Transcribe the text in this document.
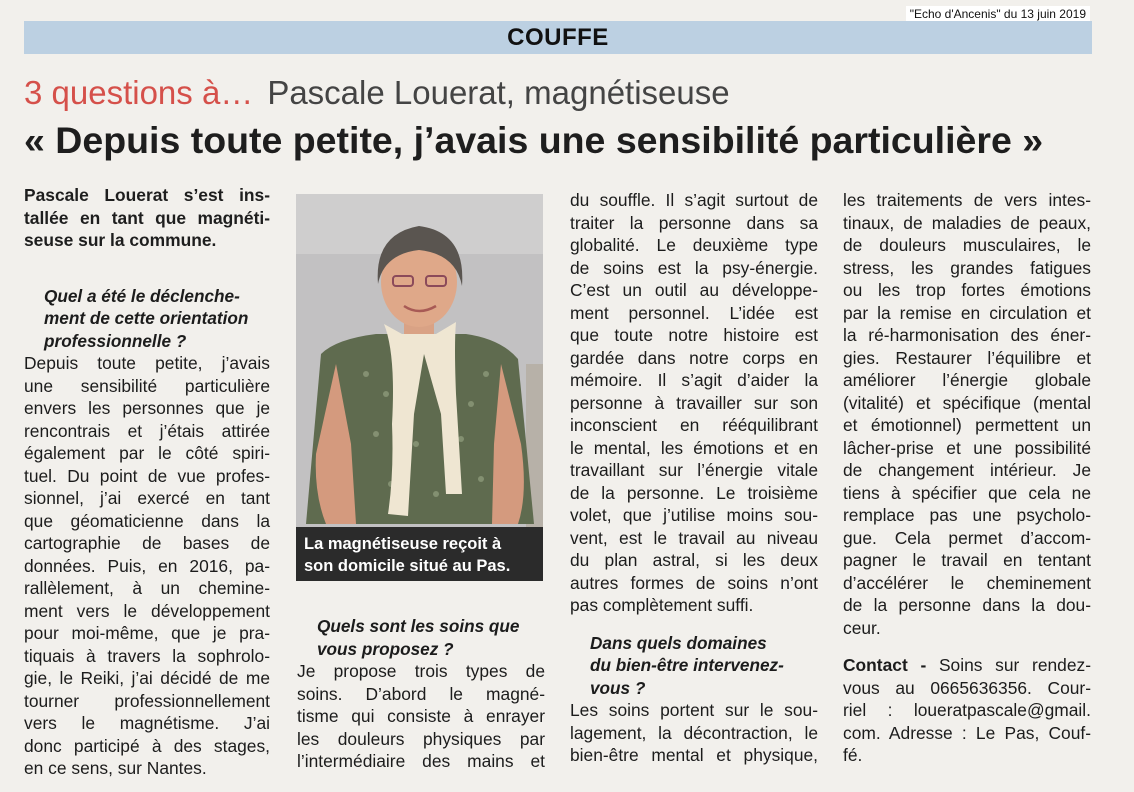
"Echo d'Ancenis" du 13 juin 2019
COUFFE
3 questions à… Pascale Louerat, magnétiseuse
« Depuis toute petite, j’avais une sensibilité particulière »
Pascale Louerat s’est ins-
tallée en tant que magnéti-
seuse sur la commune.
Quel a été le déclenche-
ment de cette orientation
professionnelle ?
Depuis toute petite, j’avais
une sensibilité particulière
envers les personnes que je
rencontrais et j’étais attirée
également par le côté spiri-
tuel. Du point de vue profes-
sionnel, j’ai exercé en tant
que géomaticienne dans la
cartographie de bases de
données. Puis, en 2016, pa-
rallèlement, à un chemine-
ment vers le développement
pour moi-même, que je pra-
tiquais à travers la sophrolo-
gie, le Reiki, j’ai décidé de me
tourner professionnellement
vers le magnétisme. J’ai
donc participé à des stages,
en ce sens, sur Nantes.
La magnétiseuse reçoit à
son domicile situé au Pas.
Quels sont les soins que
vous proposez ?
Je propose trois types de
soins. D’abord le magné-
tisme qui consiste à enrayer
les douleurs physiques par
l’intermédiaire des mains et
du souffle. Il s’agit surtout de
traiter la personne dans sa
globalité. Le deuxième type
de soins est la psy-énergie.
C’est un outil au développe-
ment personnel. L’idée est
que toute notre histoire est
gardée dans notre corps en
mémoire. Il s’agit d’aider la
personne à travailler sur son
inconscient en rééquilibrant
le mental, les émotions et en
travaillant sur l’énergie vitale
de la personne. Le troisième
volet, que j’utilise moins sou-
vent, est le travail au niveau
du plan astral, si les deux
autres formes de soins n’ont
pas complètement suffi.
Dans quels domaines
du bien-être intervenez-
vous ?
Les soins portent sur le sou-
lagement, la décontraction, le
bien-être mental et physique,
les traitements de vers intes-
tinaux, de maladies de peaux,
de douleurs musculaires, le
stress, les grandes fatigues
ou les trop fortes émotions
par la remise en circulation et
la ré-harmonisation des éner-
gies. Restaurer l’équilibre et
améliorer l’énergie globale
(vitalité) et spécifique (mental
et émotionnel) permettent un
lâcher-prise et une possibilité
de changement intérieur. Je
tiens à spécifier que cela ne
remplace pas une psycholo-
gue. Cela permet d’accom-
pagner le travail en tentant
d’accélérer le cheminement
de la personne dans la dou-
ceur.
Contact - Soins sur rendez-
vous au 0665636356. Cour-
riel : loueratpascale@gmail.
com. Adresse : Le Pas, Couf-
fé.
